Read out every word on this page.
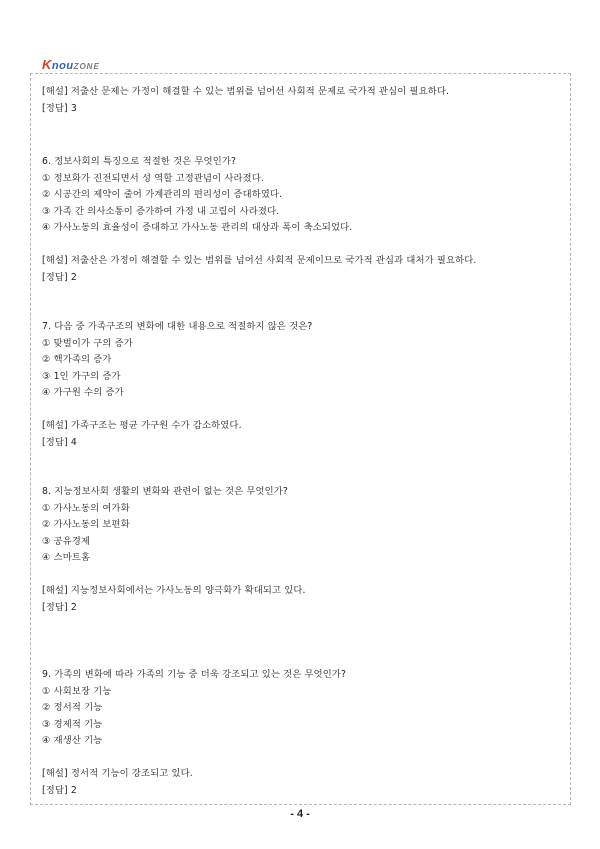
KnouZONE
[해설] 저출산 문제는 가정이 해결할 수 있는 범위를 넘어선 사회적 문제로 국가적 관심이 필요하다.
[정답] 3
6. 정보사회의 특징으로 적절한 것은 무엇인가?
① 정보화가 진전되면서 성 역할 고정관념이 사라졌다.
② 시공간의 제약이 줄어 가계관리의 편리성이 증대하였다.
③ 가족 간 의사소통이 증가하여 가정 내 고립이 사라졌다.
④ 가사노동의 효율성이 증대하고 가사노동 관리의 대상과 폭이 축소되었다.
[해설] 저출산은 가정이 해결할 수 있는 범위를 넘어선 사회적 문제이므로 국가적 관심과 대처가 필요하다.
[정답] 2
7. 다음 중 가족구조의 변화에 대한 내용으로 적절하지 않은 것은?
① 맞벌이가 구의 증가
② 핵가족의 증가
③ 1인 가구의 증가
④ 가구원 수의 증가
[해설] 가족구조는 평균 가구원 수가 감소하였다.
[정답] 4
8. 지능정보사회 생활의 변화와 관련이 없는 것은 무엇인가?
① 가사노동의 여가화
② 가사노동의 보편화
③ 공유경제
④ 스마트홈
[해설] 지능정보사회에서는 가사노동의 양극화가 확대되고 있다.
[정답] 2
9. 가족의 변화에 따라 가족의 기능 중 더욱 강조되고 있는 것은 무엇인가?
① 사회보장 기능
② 정서적 기능
③ 경제적 기능
④ 재생산 기능
[해설] 정서적 기능이 강조되고 있다.
[정답] 2
- 4 -
